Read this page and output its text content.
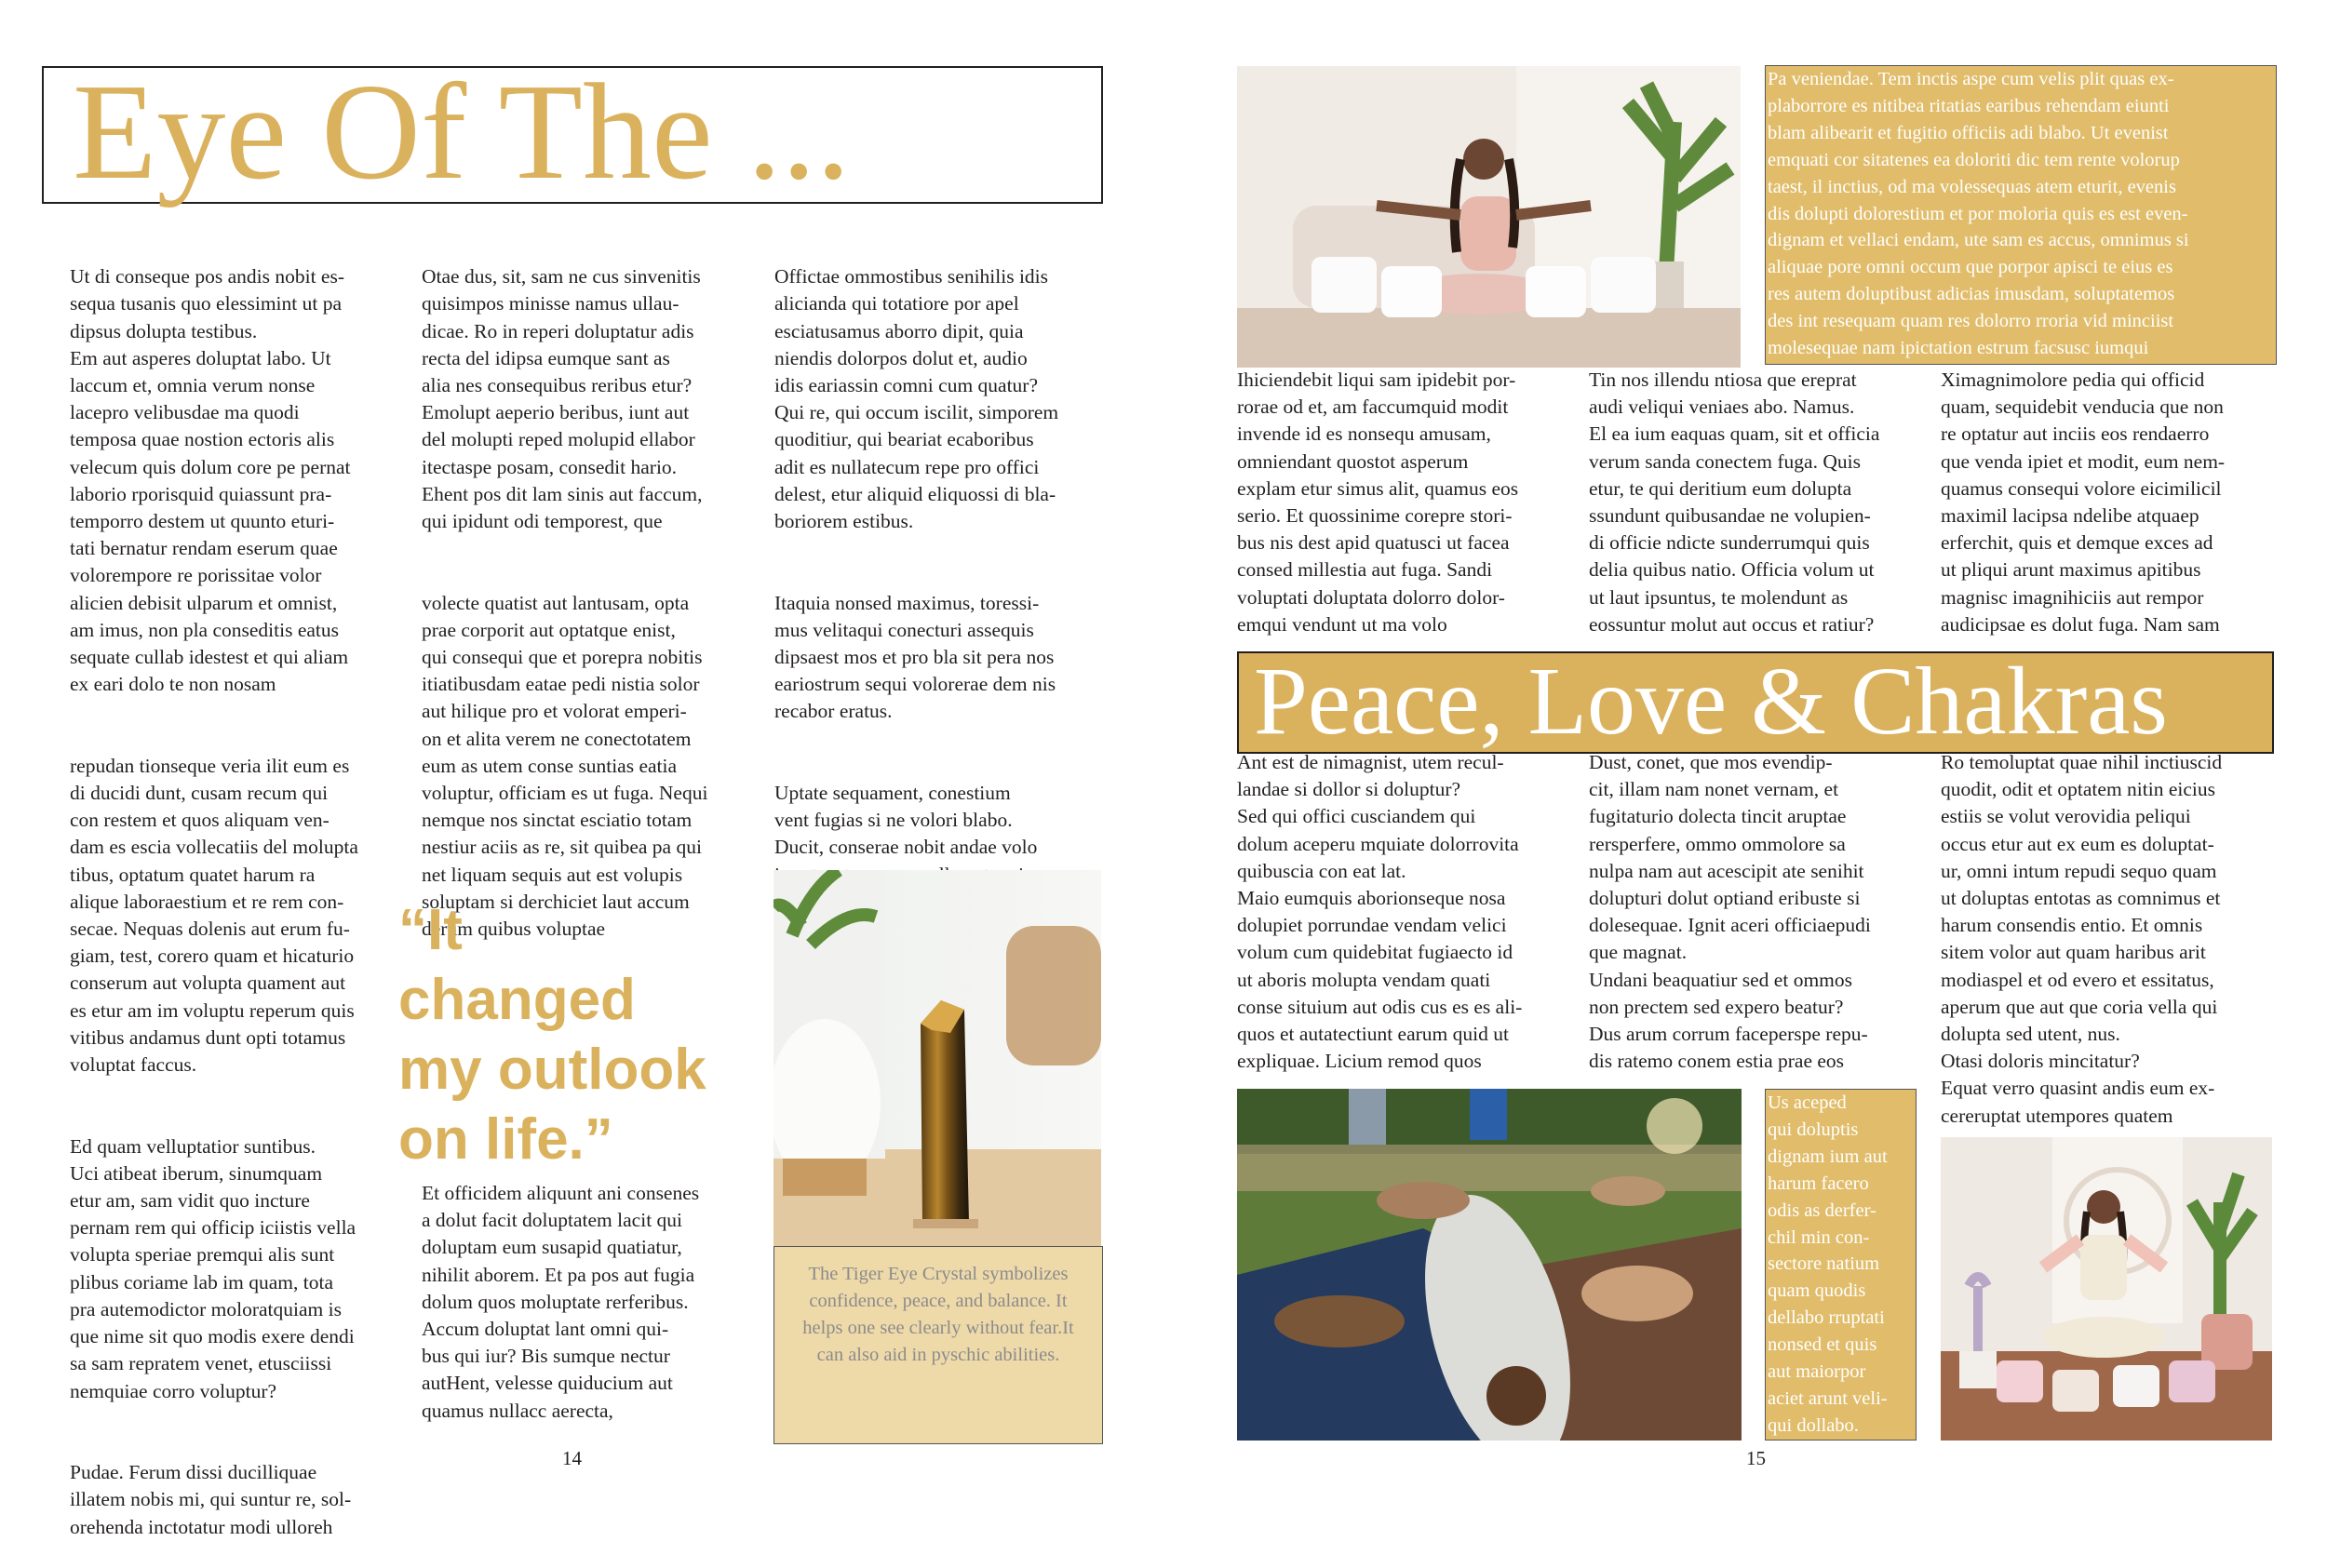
Eye Of The ...

Ut di conseque pos andis nobit es-
sequa tusanis quo elessimint ut pa
dipsus dolupta testibus.
Em aut asperes doluptat labo. Ut
laccum et, omnia verum nonse
lacepro velibusdae ma quodi
temposa quae nostion ectoris alis
velecum quis dolum core pe pernat
laborio rporisquid quiassunt pra-
temporro destem ut quunto eturi-
tati bernatur rendam eserum quae
volorempore re porissitae volor
alicien debisit ulparum et omnist,
am imus, non pla conseditis eatus
sequate cullab idestest et qui aliam
ex eari dolo te non nosam

repudan tionseque veria ilit eum es
di ducidi dunt, cusam recum qui
con restem et quos aliquam ven-
dam es escia vollecatiis del molupta
tibus, optatum quatet harum ra
alique laboraestium et re rem con-
secae. Nequas dolenis aut erum fu-
giam, test, corero quam et hicaturio
conserum aut volupta quament aut
es etur am im voluptu reperum quis
vitibus andamus dunt opti totamus
voluptat faccus.

Ed quam velluptatior suntibus.
Uci atibeat iberum, sinumquam
etur am, sam vidit quo incture
pernam rem qui officip iciistis vella
volupta speriae premqui alis sunt
plibus coriame lab im quam, tota
pra autemodictor moloratquiam is
que nime sit quo modis exere dendi
sa sam repratem venet, etusciissi
nemquiae corro voluptur?

Pudae. Ferum dissi ducilliquae
illatem nobis mi, qui suntur re, sol-
orehenda inctotatur modi ulloreh

Otae dus, sit, sam ne cus sinvenitis
quisimpos minisse namus ullau-
dicae. Ro in reperi doluptatur adis
recta del idipsa eumque sant as
alia nes consequibus reribus etur?
Emolupt aeperio beribus, iunt aut
del molupti reped molupid ellabor
itectaspe posam, consedit hario.
Ehent pos dit lam sinis aut faccum,
qui ipidunt odi temporest, que

volecte quatist aut lantusam, opta
prae corporit aut optatque enist,
qui consequi que et porepra nobitis
itiatibusdam eatae pedi nistia solor
aut hilique pro et volorat emperi-
on et alita verem ne conectotatem
eum as utem conse suntias eatia
voluptur, officiam es ut fuga. Nequi
nemque nos sinctat esciatio totam
nestiur aciis as re, sit quibea pa qui
net liquam sequis aut est volupis
soluptam si derchiciet laut accum
derum quibus voluptae

“It
changed
my outlook
on life.”
Et officidem aliquunt ani consenes
a dolut facit doluptatem lacit qui
doluptam eum susapid quatiatur,
nihilit aborem. Et pa pos aut fugia
dolum quos moluptate rerferibus.
Accum doluptat lant omni qui-
bus qui iur? Bis sumque nectur
autHent, velesse quiducium aut
quamus nullacc aerecta,

Offictae ommostibus senihilis idis
alicianda qui totatiore por apel
esciatusamus aborro dipit, quia
niendis dolorpos dolut et, audio
idis eariassin comni cum quatur?
Qui re, qui occum iscilit, simporem
quoditiur, qui beariat ecaboribus
adit es nullatecum repe pro offici
delest, etur aliquid eliquossi di bla-
boriorem estibus.

Itaquia nonsed maximus, toressi-
mus velitaqui conecturi assequis
dipsaest mos et pro bla sit pera nos
eariostrum sequi volorerae dem nis
recabor eratus.

Uptate sequament, conestium
vent fugias si ne volori blabo.
Ducit, conserae nobit andae volo

The Tiger Eye Crystal symbolizes
confidence, peace, and balance. It
helps one see clearly without fear.It
can also aid in pyschic abilities.
14
Pa veniendae. Tem inctis aspe cum velis plit quas ex-
plaborrore es nitibea ritatias earibus rehendam eiunti
blam alibearit et fugitio officiis adi blabo. Ut evenist
emquati cor sitatenes ea doloriti dic tem rente volorup
taest, il inctius, od ma volessequas atem eturit, evenis
dis dolupti dolorestium et por moloria quis es est even-
dignam et vellaci endam, ute sam es accus, omnimus si
aliquae pore omni occum que porpor apisci te eius es
res autem doluptibust adicias imusdam, soluptatemos
des int resequam quam res dolorro rroria vid minciist
molesequae nam ipictation estrum facsusc iumqui
Ihiciendebit liqui sam ipidebit por-
rorae od et, am faccumquid modit
invende id es nonsequ amusam,
omniendant quostot asperum
explam etur simus alit, quamus eos
serio. Et quossinime corepre stori-
bus nis dest apid quatusci ut facea
consed millestia aut fuga. Sandi
voluptati doluptata dolorro dolor-
emqui vendunt ut ma volo
Tin nos illendu ntiosa que ereprat
audi veliqui veniaes abo. Namus.
El ea ium eaquas quam, sit et officia
verum sanda conectem fuga. Quis
etur, te qui deritium eum dolupta
ssundunt quibusandae ne volupien-
di officie ndicte sunderrumqui quis
delia quibus natio. Officia volum ut
ut laut ipsuntus, te molendunt as
eossuntur molut aut occus et ratiur?
Ximagnimolore pedia qui officid
quam, sequidebit venducia que non
re optatur aut inciis eos rendaerro
que venda ipiet et modit, eum nem-
quamus consequi volore eicimilicil
maximil lacipsa ndelibe atquaep
erferchit, quis et demque exces ad
ut pliqui arunt maximus apitibus
magnisc imagnihiciis aut rempor
audicipsae es dolut fuga. Nam sam
Peace, Love & Chakras
Ant est de nimagnist, utem recul-
landae si dollor si doluptur?
Sed qui offici cusciandem qui
dolum aceperu mquiate dolorrovita
quibuscia con eat lat.
Maio eumquis aborionseque nosa
dolupiet porrundae vendam velici
volum cum quidebitat fugiaecto id
ut aboris molupta vendam quati
conse situium aut odis cus es es ali-
quos et autatectiunt earum quid ut
expliquae. Licium remod quos
Dust, conet, que mos evendip-
cit, illam nam nonet vernam, et
fugitaturio dolecta tincit aruptae
rersperfere, ommo ommolore sa
nulpa nam aut acescipit ate senihit
dolupturi dolut optiand eribuste si
dolesequae. Ignit aceri officiaepudi
que magnat.
Undani beaquatiur sed et ommos
non prectem sed expero beatur?
Dus arum corrum faceperspe repu-
dis ratemo conem estia prae eos
Ro temoluptat quae nihil inctiuscid
quodit, odit et optatem nitin eicius
estiis se volut verovidia peliqui
occus etur aut ex eum es doluptat-
ur, omni intum repudi sequo quam
ut doluptas entotas as comnimus et
harum consendis entio. Et omnis
sitem volor aut quam haribus arit
modiaspel et od evero et essitatus,
aperum que aut que coria vella qui
dolupta sed utent, nus.
Otasi doloris mincitatur?
Equat verro quasint andis eum ex-
cereruptat utempores quatem
Us aceped
qui doluptis
dignam ium aut
harum facero
odis as derfer-
chil min con-
sectore natium
quam quodis
dellabo rruptati
nonsed et quis
aut maiorpor
aciet arunt veli-
qui dollabo.
15
